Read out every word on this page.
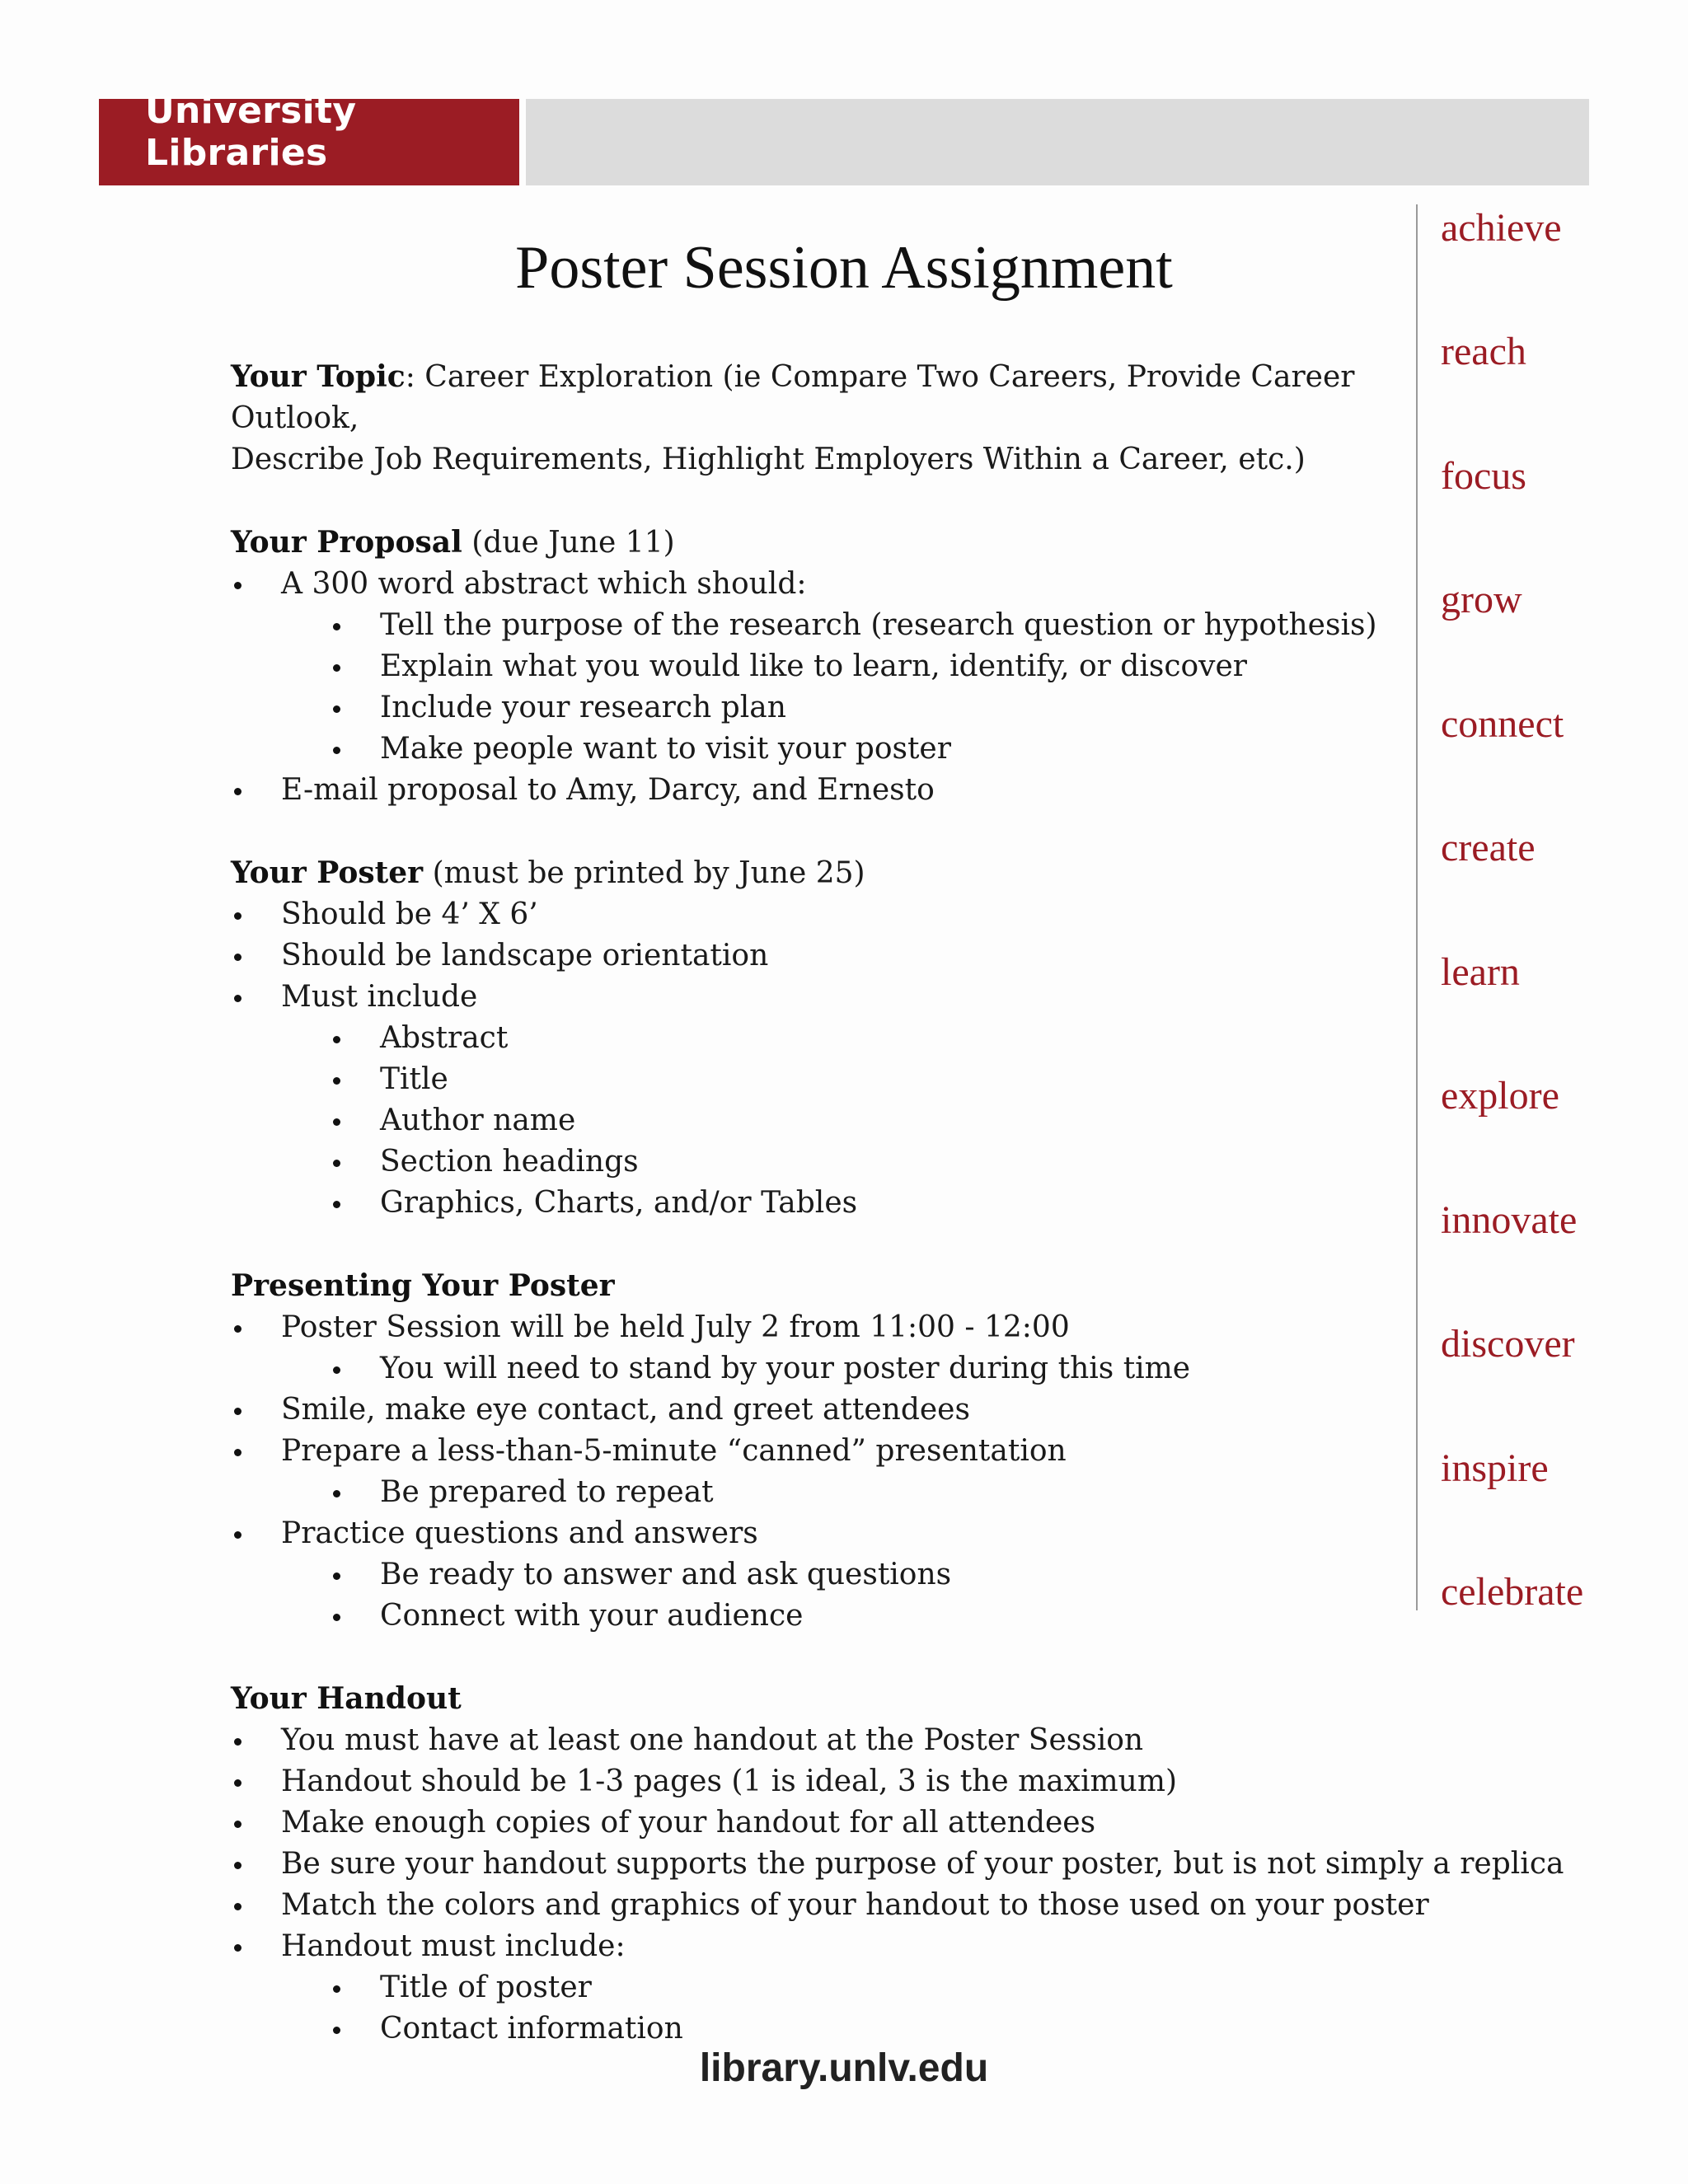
University Libraries
achieve
reach
focus
grow
connect
create
learn
explore
innovate
discover
inspire
celebrate
Poster Session Assignment

Your Topic: Career Exploration (ie Compare Two Careers, Provide Career Outlook,

Describe Job Requirements, Highlight Employers Within a Career, etc.)

Your Proposal (due June 11)

A 300 word abstract which should:
Tell the purpose of the research (research question or hypothesis)
Explain what you would like to learn, identify, or discover
Include your research plan
Make people want to visit your poster
E-mail proposal to Amy, Darcy, and Ernesto

Your Poster (must be printed by June 25)

Should be 4’ X 6’
Should be landscape orientation
Must include
Abstract
Title
Author name
Section headings
Graphics, Charts, and/or Tables

Presenting Your Poster

Poster Session will be held July 2 from 11:00 - 12:00
You will need to stand by your poster during this time
Smile, make eye contact, and greet attendees
Prepare a less-than-5-minute “canned” presentation
Be prepared to repeat
Practice questions and answers
Be ready to answer and ask questions
Connect with your audience

Your Handout

You must have at least one handout at the Poster Session
Handout should be 1-3 pages (1 is ideal, 3 is the maximum)
Make enough copies of your handout for all attendees
Be sure your handout supports the purpose of your poster, but is not simply a replica
Match the colors and graphics of your handout to those used on your poster
Handout must include:
Title of poster
Contact information
library.unlv.edu
